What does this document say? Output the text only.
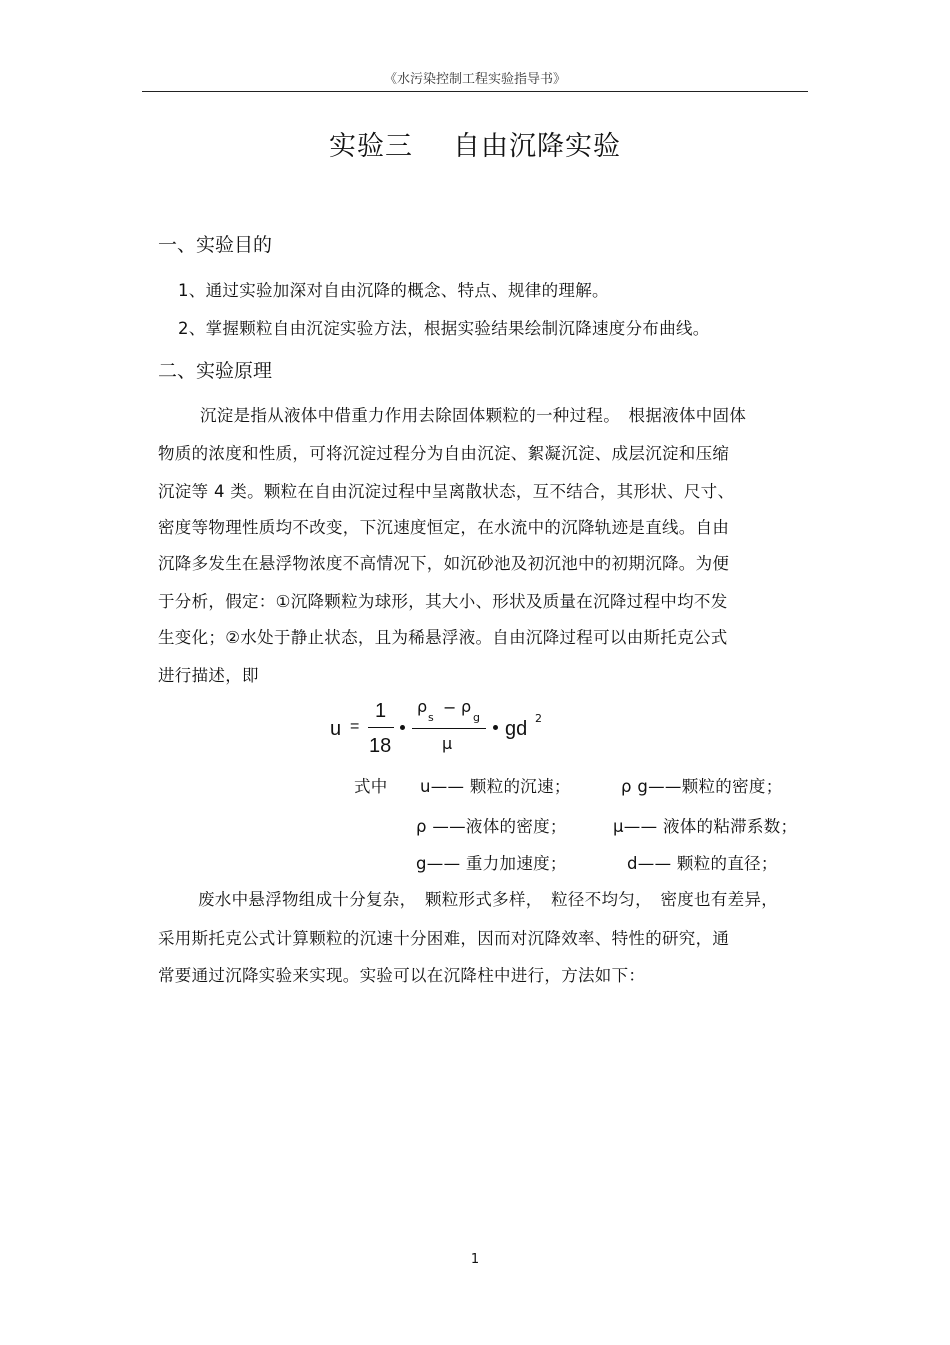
《水污染控制工程实验指导书》
实验三 自由沉降实验
一、实验目的
1、通过实验加深对自由沉降的概念、特点、规律的理解。
2、掌握颗粒自由沉淀实验方法，根据实验结果绘制沉降速度分布曲线。
二、实验原理
沉淀是指从液体中借重力作用去除固体颗粒的一种过程。　根据液体中固体
物质的浓度和性质，可将沉淀过程分为自由沉淀、絮凝沉淀、成层沉淀和压缩
沉淀等 4 类。颗粒在自由沉淀过程中呈离散状态，互不结合，其形状、尺寸、
密度等物理性质均不改变，下沉速度恒定，在水流中的沉降轨迹是直线。自由
沉降多发生在悬浮物浓度不高情况下，如沉砂池及初沉池中的初期沉降。为便
于分析，假定：①沉降颗粒为球形，其大小、形状及质量在沉降过程中均不发
生变化；②水处于静止状态，且为稀悬浮液。自由沉降过程可以由斯托克公式
进行描述，即
u =
1
18
ρ
s
− ρ
g
μ
gd 2
式中 u—— 颗粒的沉速；	ρ g——颗粒的密度；
ρ ——液体的密度；	μ—— 液体的粘滞系数；
g—— 重力加速度；	d—— 颗粒的直径；
废水中悬浮物组成十分复杂，　颗粒形式多样，　粒径不均匀，　密度也有差异，
采用斯托克公式计算颗粒的沉速十分困难，因而对沉降效率、特性的研究，通
常要通过沉降实验来实现。实验可以在沉降柱中进行，方法如下：
1
